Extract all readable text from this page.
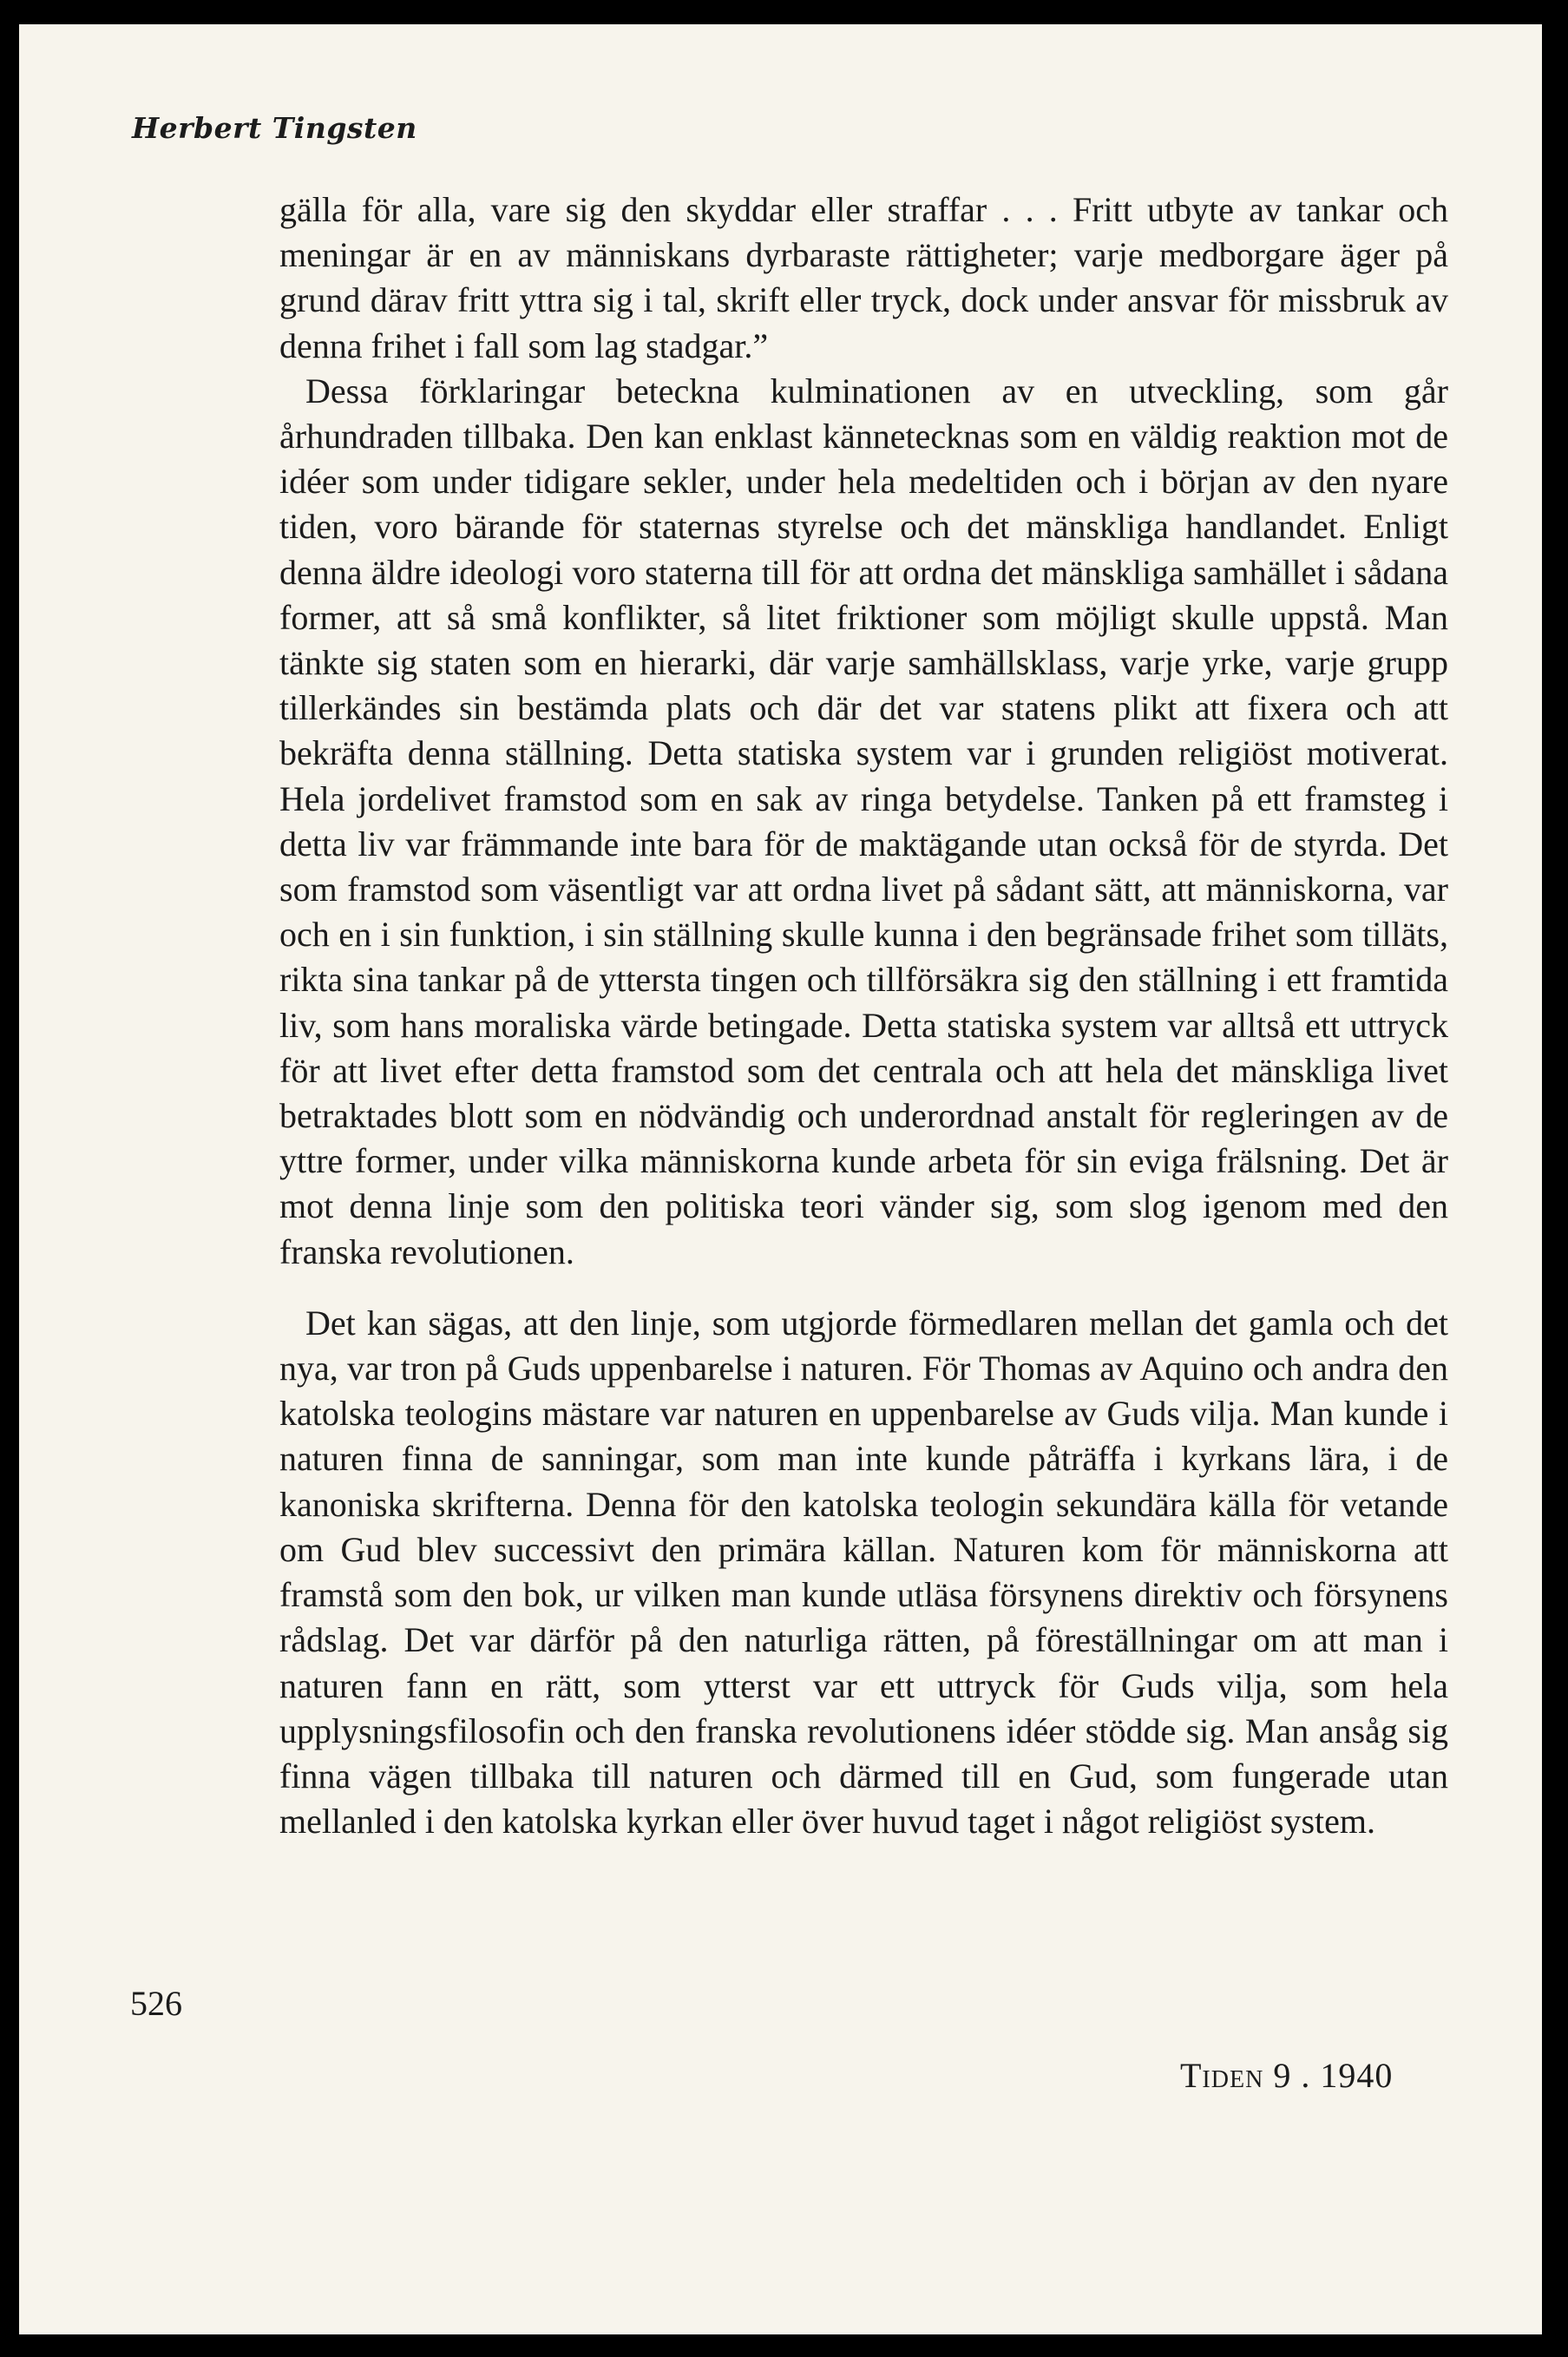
Herbert Tingsten

gälla för alla, vare sig den skyddar eller straffar . . . Fritt utbyte av tankar och meningar är en av människans dyrbaraste rättigheter; varje medborgare äger på grund därav fritt yttra sig i tal, skrift eller tryck, dock under ansvar för missbruk av denna frihet i fall som lag stadgar.”

Dessa förklaringar beteckna kulminationen av en utveckling, som går århundraden tillbaka. Den kan enklast kännetecknas som en väldig reaktion mot de idéer som under tidigare sekler, under hela medeltiden och i början av den nyare tiden, voro bärande för staternas styrelse och det mänskliga handlandet. Enligt denna äldre ideologi voro staterna till för att ordna det mänskliga samhället i sådana former, att så små konflikter, så litet friktioner som möjligt skulle uppstå. Man tänkte sig staten som en hierarki, där varje samhällsklass, varje yrke, varje grupp tillerkändes sin bestämda plats och där det var statens plikt att fixera och att bekräfta denna ställning. Detta statiska system var i grunden religiöst motiverat. Hela jordelivet framstod som en sak av ringa betydelse. Tanken på ett framsteg i detta liv var främmande inte bara för de maktägande utan också för de styrda. Det som framstod som väsentligt var att ordna livet på sådant sätt, att människorna, var och en i sin funktion, i sin ställning skulle kunna i den begränsade frihet som tilläts, rikta sina tankar på de yttersta tingen och tillförsäkra sig den ställning i ett framtida liv, som hans moraliska värde betingade. Detta statiska system var alltså ett uttryck för att livet efter detta framstod som det centrala och att hela det mänskliga livet betraktades blott som en nödvändig och underordnad anstalt för regleringen av de yttre former, under vilka människorna kunde arbeta för sin eviga frälsning. Det är mot denna linje som den politiska teori vänder sig, som slog igenom med den franska revolutionen.

Det kan sägas, att den linje, som utgjorde förmedlaren mellan det gamla och det nya, var tron på Guds uppenbarelse i naturen. För Thomas av Aquino och andra den katolska teologins mästare var naturen en uppenbarelse av Guds vilja. Man kunde i naturen finna de sanningar, som man inte kunde påträffa i kyrkans lära, i de kanoniska skrifterna. Denna för den katolska teologin sekundära källa för vetande om Gud blev successivt den primära källan. Naturen kom för människorna att framstå som den bok, ur vilken man kunde utläsa försynens direktiv och försynens rådslag. Det var därför på den naturliga rätten, på föreställningar om att man i naturen fann en rätt, som ytterst var ett uttryck för Guds vilja, som hela upplysningsfilosofin och den franska revolutionens idéer stödde sig. Man ansåg sig finna vägen tillbaka till naturen och därmed till en Gud, som fungerade utan mellanled i den katolska kyrkan eller över huvud taget i något religiöst system.

526
Tiden 9 . 1940
